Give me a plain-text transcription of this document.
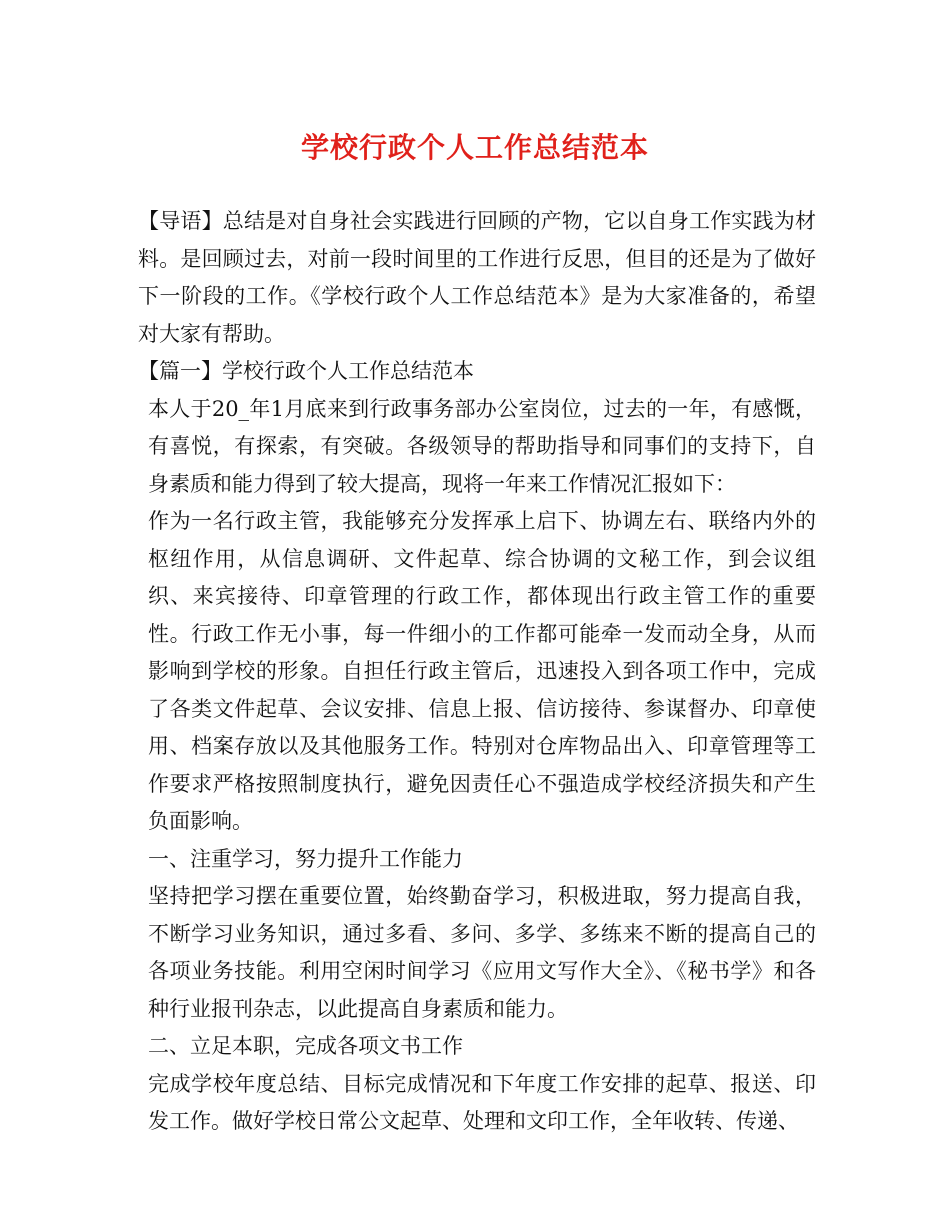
学校行政个人工作总结范本

【导语】总结是对自身社会实践进行回顾的产物，它以自身工作实践为材料。是回顾过去，对前一段时间里的工作进行反思，但目的还是为了做好下一阶段的工作。《学校行政个人工作总结范本》是为大家准备的，希望对大家有帮助。

【篇一】学校行政个人工作总结范本

本人于20_年1月底来到行政事务部办公室岗位，过去的一年，有感慨，有喜悦，有探索，有突破。各级领导的帮助指导和同事们的支持下，自身素质和能力得到了较大提高，现将一年来工作情况汇报如下：

作为一名行政主管，我能够充分发挥承上启下、协调左右、联络内外的枢纽作用，从信息调研、文件起草、综合协调的文秘工作，到会议组织、来宾接待、印章管理的行政工作，都体现出行政主管工作的重要性。行政工作无小事，每一件细小的工作都可能牵一发而动全身，从而影响到学校的形象。自担任行政主管后，迅速投入到各项工作中，完成了各类文件起草、会议安排、信息上报、信访接待、参谋督办、印章使用、档案存放以及其他服务工作。特别对仓库物品出入、印章管理等工作要求严格按照制度执行，避免因责任心不强造成学校经济损失和产生负面影响。

一、注重学习，努力提升工作能力

坚持把学习摆在重要位置，始终勤奋学习，积极进取，努力提高自我，不断学习业务知识，通过多看、多问、多学、多练来不断的提高自己的各项业务技能。利用空闲时间学习《应用文写作大全》、《秘书学》和各种行业报刊杂志，以此提高自身素质和能力。

二、立足本职，完成各项文书工作

完成学校年度总结、目标完成情况和下年度工作安排的起草、报送、印发工作。做好学校日常公文起草、处理和文印工作，全年收转、传递、
